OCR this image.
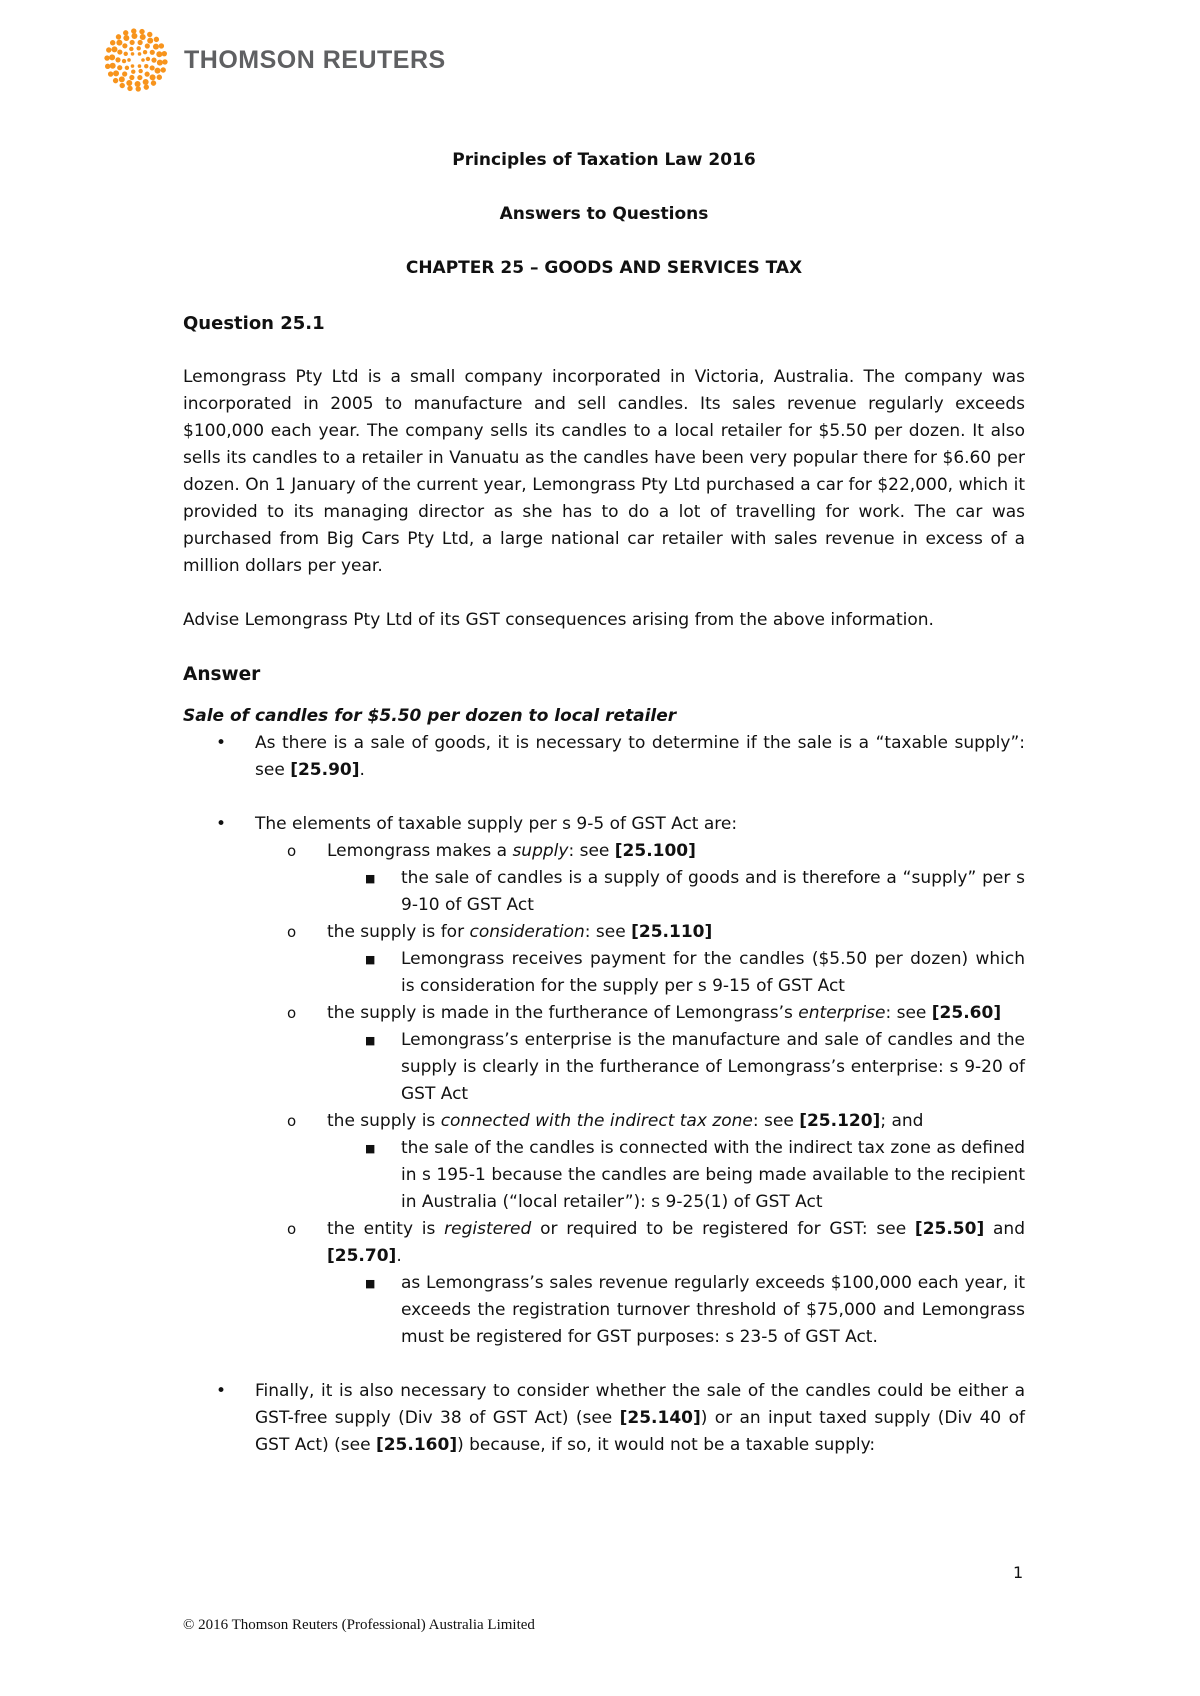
THOMSON REUTERS

Principles of Taxation Law 2016

Answers to Questions

CHAPTER 25 – GOODS AND SERVICES TAX

Question 25.1

Lemongrass Pty Ltd is a small company incorporated in Victoria, Australia. The company was incorporated in 2005 to manufacture and sell candles. Its sales revenue regularly exceeds $100,000 each year. The company sells its candles to a local retailer for $5.50 per dozen. It also sells its candles to a retailer in Vanuatu as the candles have been very popular there for $6.60 per dozen. On 1 January of the current year, Lemongrass Pty Ltd purchased a car for $22,000, which it provided to its managing director as she has to do a lot of travelling for work. The car was purchased from Big Cars Pty Ltd, a large national car retailer with sales revenue in excess of a million dollars per year.

Advise Lemongrass Pty Ltd of its GST consequences arising from the above information.

Answer

Sale of candles for $5.50 per dozen to local retailer

• As there is a sale of goods, it is necessary to determine if the sale is a “taxable supply”: see [25.90].
• The elements of taxable supply per s 9-5 of GST Act are:
o Lemongrass makes a supply: see [25.100]
■ the sale of candles is a supply of goods and is therefore a “supply” per s 9-10 of GST Act
o the supply is for consideration: see [25.110]
■ Lemongrass receives payment for the candles ($5.50 per dozen) which is consideration for the supply per s 9-15 of GST Act
o the supply is made in the furtherance of Lemongrass’s enterprise: see [25.60]
■ Lemongrass’s enterprise is the manufacture and sale of candles and the supply is clearly in the furtherance of Lemongrass’s enterprise: s 9-20 of GST Act
o the supply is connected with the indirect tax zone: see [25.120]; and
■ the sale of the candles is connected with the indirect tax zone as defined in s 195-1 because the candles are being made available to the recipient in Australia (“local retailer”): s 9-25(1) of GST Act
o the entity is registered or required to be registered for GST: see [25.50] and [25.70].
■ as Lemongrass’s sales revenue regularly exceeds $100,000 each year, it exceeds the registration turnover threshold of $75,000 and Lemongrass must be registered for GST purposes: s 23-5 of GST Act.
• Finally, it is also necessary to consider whether the sale of the candles could be either a GST-free supply (Div 38 of GST Act) (see [25.140]) or an input taxed supply (Div 40 of GST Act) (see [25.160]) because, if so, it would not be a taxable supply:
1
© 2016 Thomson Reuters (Professional) Australia Limited
